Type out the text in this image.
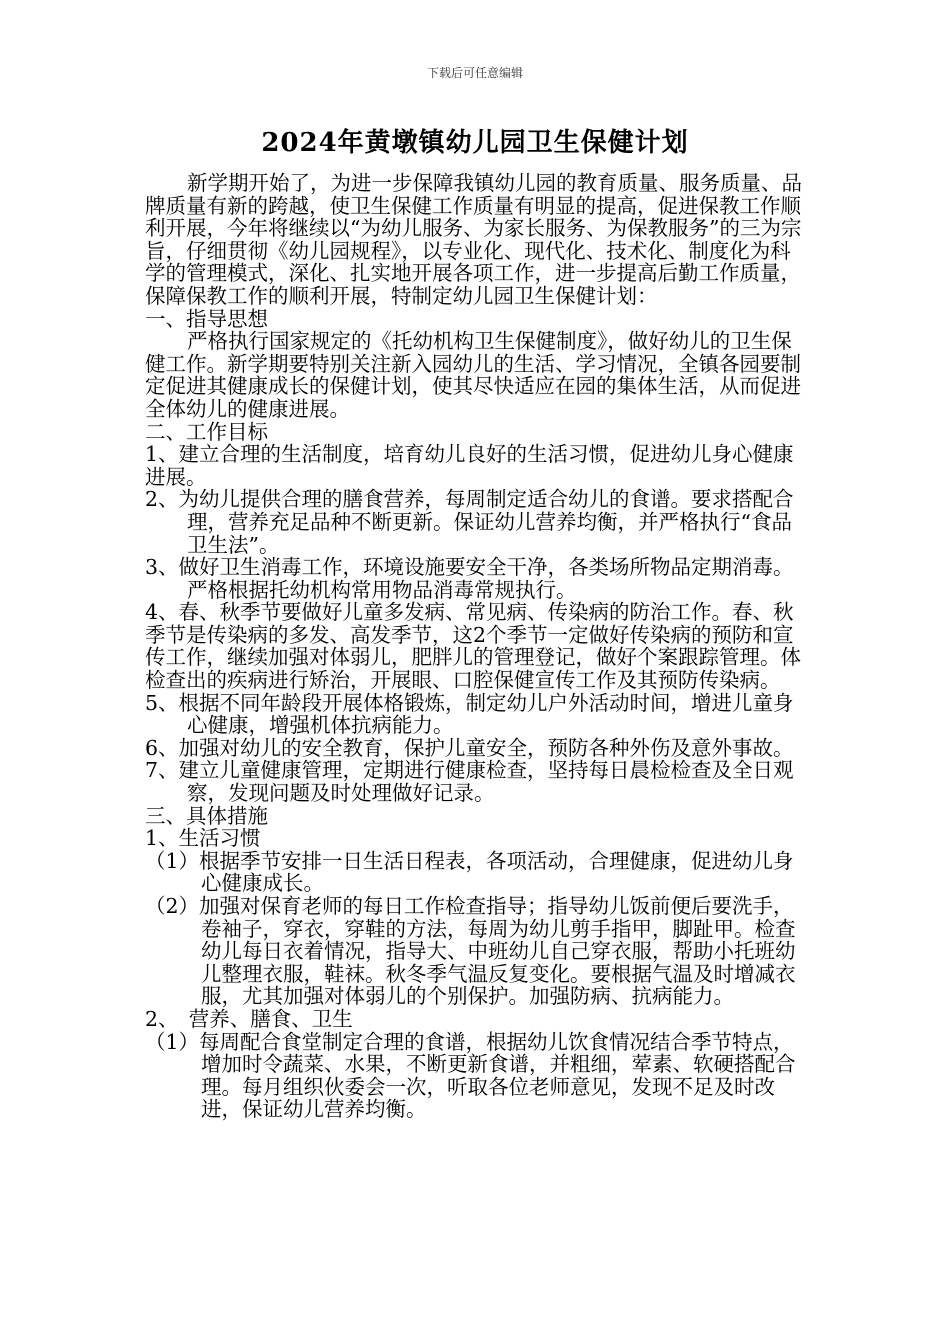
下载后可任意编辑
2024年黄墩镇幼儿园卫生保健计划

新学期开始了，为进一步保障我镇幼儿园的教育质量、服务质量、品牌质量有新的跨越，使卫生保健工作质量有明显的提高，促进保教工作顺利开展，今年将继续以“为幼儿服务、为家长服务、为保教服务”的三为宗旨，仔细贯彻《幼儿园规程》，以专业化、现代化、技术化、制度化为科学的管理模式，深化、扎实地开展各项工作，进一步提高后勤工作质量，保障保教工作的顺利开展，特制定幼儿园卫生保健计划：

一、指导思想

严格执行国家规定的《托幼机构卫生保健制度》，做好幼儿的卫生保健工作。新学期要特别关注新入园幼儿的生活、学习情况，全镇各园要制定促进其健康成长的保健计划，使其尽快适应在园的集体生活，从而促进全体幼儿的健康进展。

二、工作目标

1、建立合理的生活制度，培育幼儿良好的生活习惯，促进幼儿身心健康进展。

2、为幼儿提供合理的膳食营养，每周制定适合幼儿的食谱。要求搭配合理，营养充足品种不断更新。保证幼儿营养均衡，并严格执行“食品卫生法”。

3、做好卫生消毒工作，环境设施要安全干净，各类场所物品定期消毒。严格根据托幼机构常用物品消毒常规执行。

4、春、秋季节要做好儿童多发病、常见病、传染病的防治工作。春、秋季节是传染病的多发、高发季节，这2个季节一定做好传染病的预防和宣传工作，继续加强对体弱儿，肥胖儿的管理登记，做好个案跟踪管理。体检查出的疾病进行矫治，开展眼、口腔保健宣传工作及其预防传染病。

5、根据不同年龄段开展体格锻炼，制定幼儿户外活动时间，增进儿童身心健康，增强机体抗病能力。

6、加强对幼儿的安全教育，保护儿童安全，预防各种外伤及意外事故。

7、建立儿童健康管理，定期进行健康检查，坚持每日晨检检查及全日观察，发现问题及时处理做好记录。

三、具体措施

1、生活习惯

（1）根据季节安排一日生活日程表，各项活动，合理健康，促进幼儿身心健康成长。

（2）加强对保育老师的每日工作检查指导；指导幼儿饭前便后要洗手，卷袖子，穿衣，穿鞋的方法，每周为幼儿剪手指甲，脚趾甲。检查幼儿每日衣着情况，指导大、中班幼儿自己穿衣服，帮助小托班幼儿整理衣服，鞋袜。秋冬季气温反复变化。要根据气温及时增减衣服，尤其加强对体弱儿的个别保护。加强防病、抗病能力。

2、　营养、膳食、卫生

（1）每周配合食堂制定合理的食谱，根据幼儿饮食情况结合季节特点，增加时令蔬菜、水果，不断更新食谱，并粗细，荤素、软硬搭配合理。每月组织伙委会一次，听取各位老师意见，发现不足及时改进，保证幼儿营养均衡。
